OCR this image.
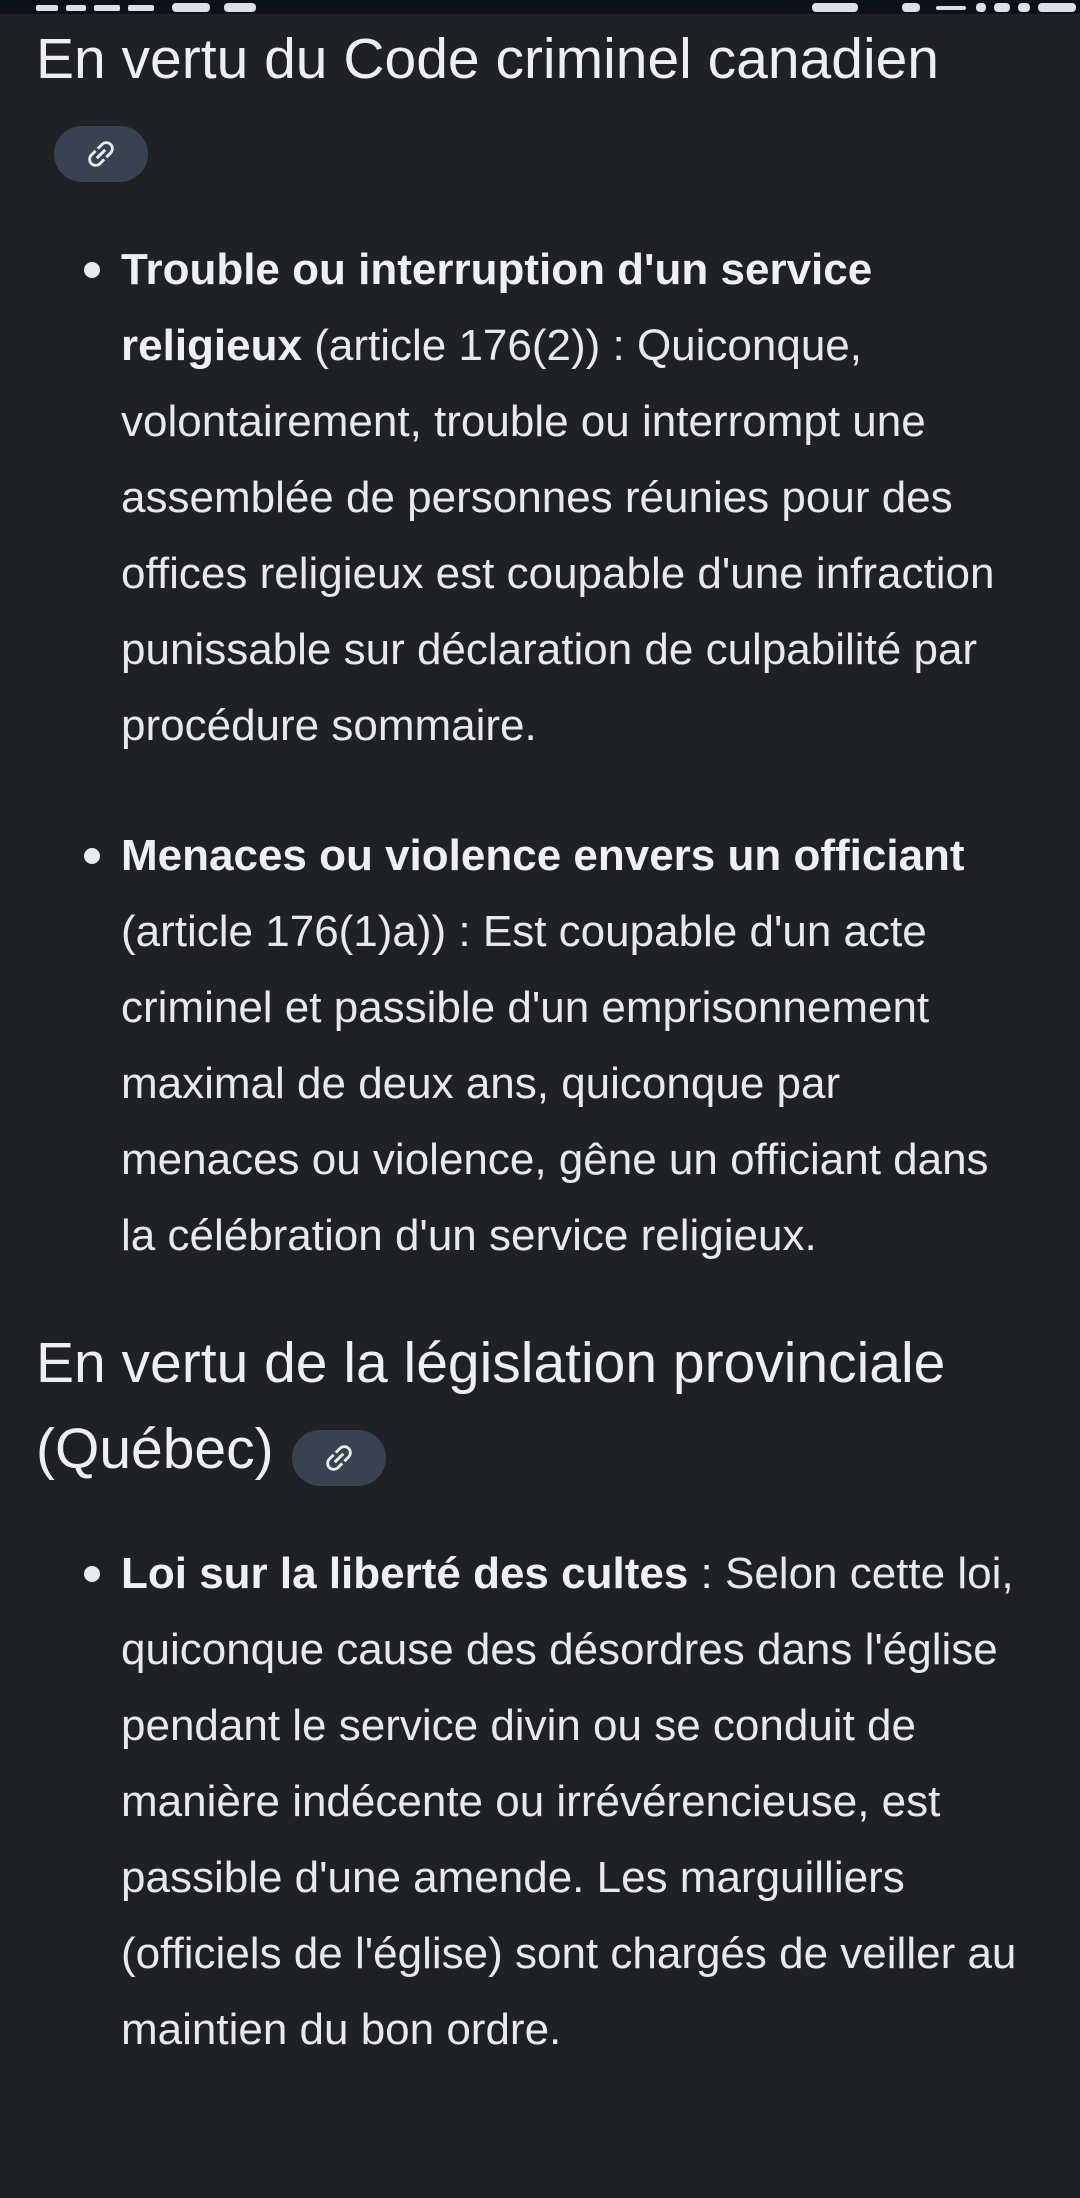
En vertu du Code criminel canadien
Trouble ou interruption d'un service religieux (article 176(2)) : Quiconque, volontairement, trouble ou interrompt une assemblée de personnes réunies pour des offices religieux est coupable d'une infraction punissable sur déclaration de culpabilité par procédure sommaire.
Menaces ou violence envers un officiant (article 176(1)a)) : Est coupable d'un acte criminel et passible d'un emprisonnement maximal de deux ans, quiconque par menaces ou violence, gêne un officiant dans la célébration d'un service religieux.
En vertu de la législation provinciale (Québec)
Loi sur la liberté des cultes : Selon cette loi, quiconque cause des désordres dans l'église pendant le service divin ou se conduit de manière indécente ou irrévérencieuse, est passible d'une amende. Les marguilliers (officiels de l'église) sont chargés de veiller au maintien du bon ordre.
